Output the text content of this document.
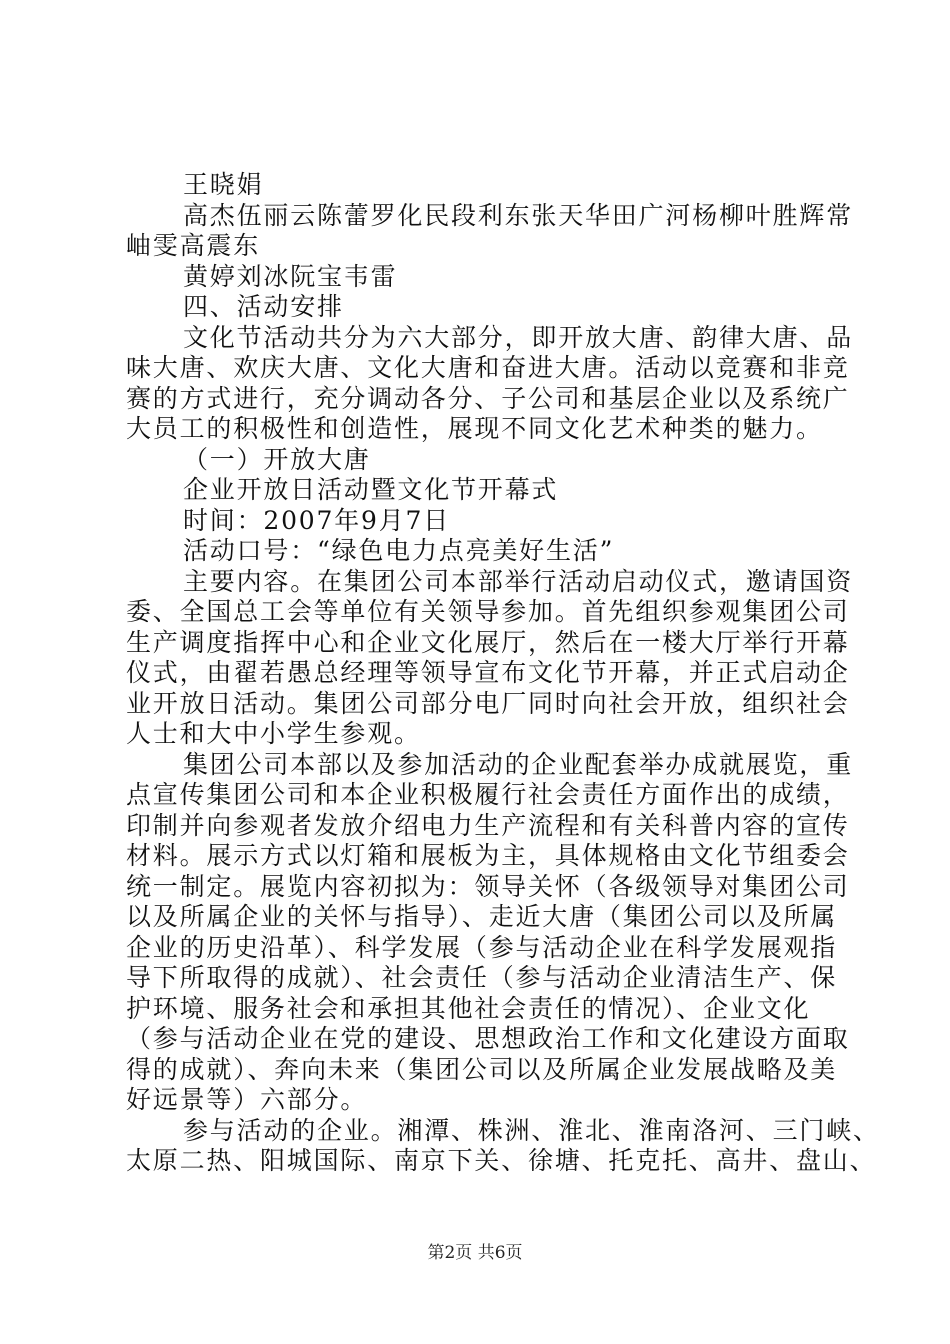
王晓娟
高杰伍丽云陈蕾罗化民段利东张天华田广河杨柳叶胜辉常
岫雯高震东
黄婷刘冰阮宝韦雷
四、活动安排
文化节活动共分为六大部分，即开放大唐、韵律大唐、品
味大唐、欢庆大唐、文化大唐和奋进大唐。活动以竞赛和非竞
赛的方式进行，充分调动各分、子公司和基层企业以及系统广
大员工的积极性和创造性，展现不同文化艺术种类的魅力。
（一）开放大唐
企业开放日活动暨文化节开幕式
时间：2007年9月7日
活动口号：“绿色电力点亮美好生活”
主要内容。在集团公司本部举行活动启动仪式，邀请国资
委、全国总工会等单位有关领导参加。首先组织参观集团公司
生产调度指挥中心和企业文化展厅，然后在一楼大厅举行开幕
仪式，由翟若愚总经理等领导宣布文化节开幕，并正式启动企
业开放日活动。集团公司部分电厂同时向社会开放，组织社会
人士和大中小学生参观。
集团公司本部以及参加活动的企业配套举办成就展览，重
点宣传集团公司和本企业积极履行社会责任方面作出的成绩，
印制并向参观者发放介绍电力生产流程和有关科普内容的宣传
材料。展示方式以灯箱和展板为主，具体规格由文化节组委会
统一制定。展览内容初拟为：领导关怀（各级领导对集团公司
以及所属企业的关怀与指导）、走近大唐（集团公司以及所属
企业的历史沿革）、科学发展（参与活动企业在科学发展观指
导下所取得的成就）、社会责任（参与活动企业清洁生产、保
护环境、服务社会和承担其他社会责任的情况）、企业文化
（参与活动企业在党的建设、思想政治工作和文化建设方面取
得的成就）、奔向未来（集团公司以及所属企业发展战略及美
好远景等）六部分。
参与活动的企业。湘潭、株洲、淮北、淮南洛河、三门峡、
太原二热、阳城国际、南京下关、徐塘、托克托、高井、盘山、
第2页 共6页
